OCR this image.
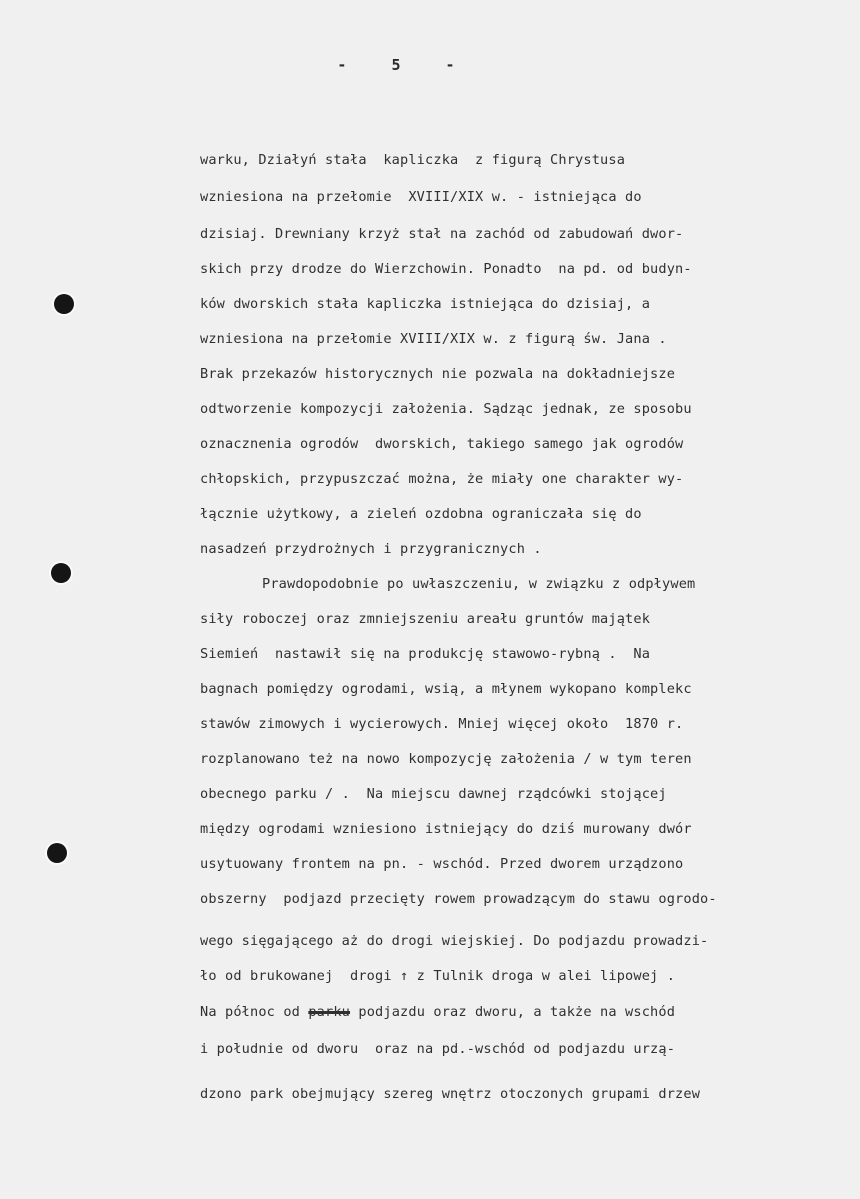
- 5 -
warku, Działyń stała  kapliczka  z figurą Chrystusa
wzniesiona na przełomie  XVIII/XIX w. - istniejąca do
dzisiaj. Drewniany krzyż stał na zachód od zabudowań dwor-
skich przy drodze do Wierzchowin. Ponadto  na pd. od budyn-
ków dworskich stała kapliczka istniejąca do dzisiaj, a
wzniesiona na przełomie XVIII/XIX w. z figurą św. Jana .
Brak przekazów historycznych nie pozwala na dokładniejsze
odtworzenie kompozycji założenia. Sądząc jednak, ze sposobu
oznacznenia ogrodów  dworskich, takiego samego jak ogrodów
chłopskich, przypuszczać można, że miały one charakter wy-
łącznie użytkowy, a zieleń ozdobna ograniczała się do
nasadzeń przydrożnych i przygranicznych .
Prawdopodobnie po uwłaszczeniu, w związku z odpływem
siły roboczej oraz zmniejszeniu areału gruntów majątek
Siemień  nastawił się na produkcję stawowo-rybną .  Na
bagnach pomiędzy ogrodami, wsią, a młynem wykopano komplekc
stawów zimowych i wycierowych. Mniej więcej około  1870 r.
rozplanowano też na nowo kompozycję założenia / w tym teren
obecnego parku / .  Na miejscu dawnej rządcówki stojącej
między ogrodami wzniesiono istniejący do dziś murowany dwór
usytuowany frontem na pn. - wschód. Przed dworem urządzono
obszerny  podjazd przecięty rowem prowadzącym do stawu ogrodo-
wego sięgającego aż do drogi wiejskiej. Do podjazdu prowadzi-
ło od brukowanej  drogi ↑ z Tulnik droga w alei lipowej .
Na północ od parku podjazdu oraz dworu, a także na wschód
i południe od dworu  oraz na pd.-wschód od podjazdu urzą-
dzono park obejmujący szereg wnętrz otoczonych grupami drzew
